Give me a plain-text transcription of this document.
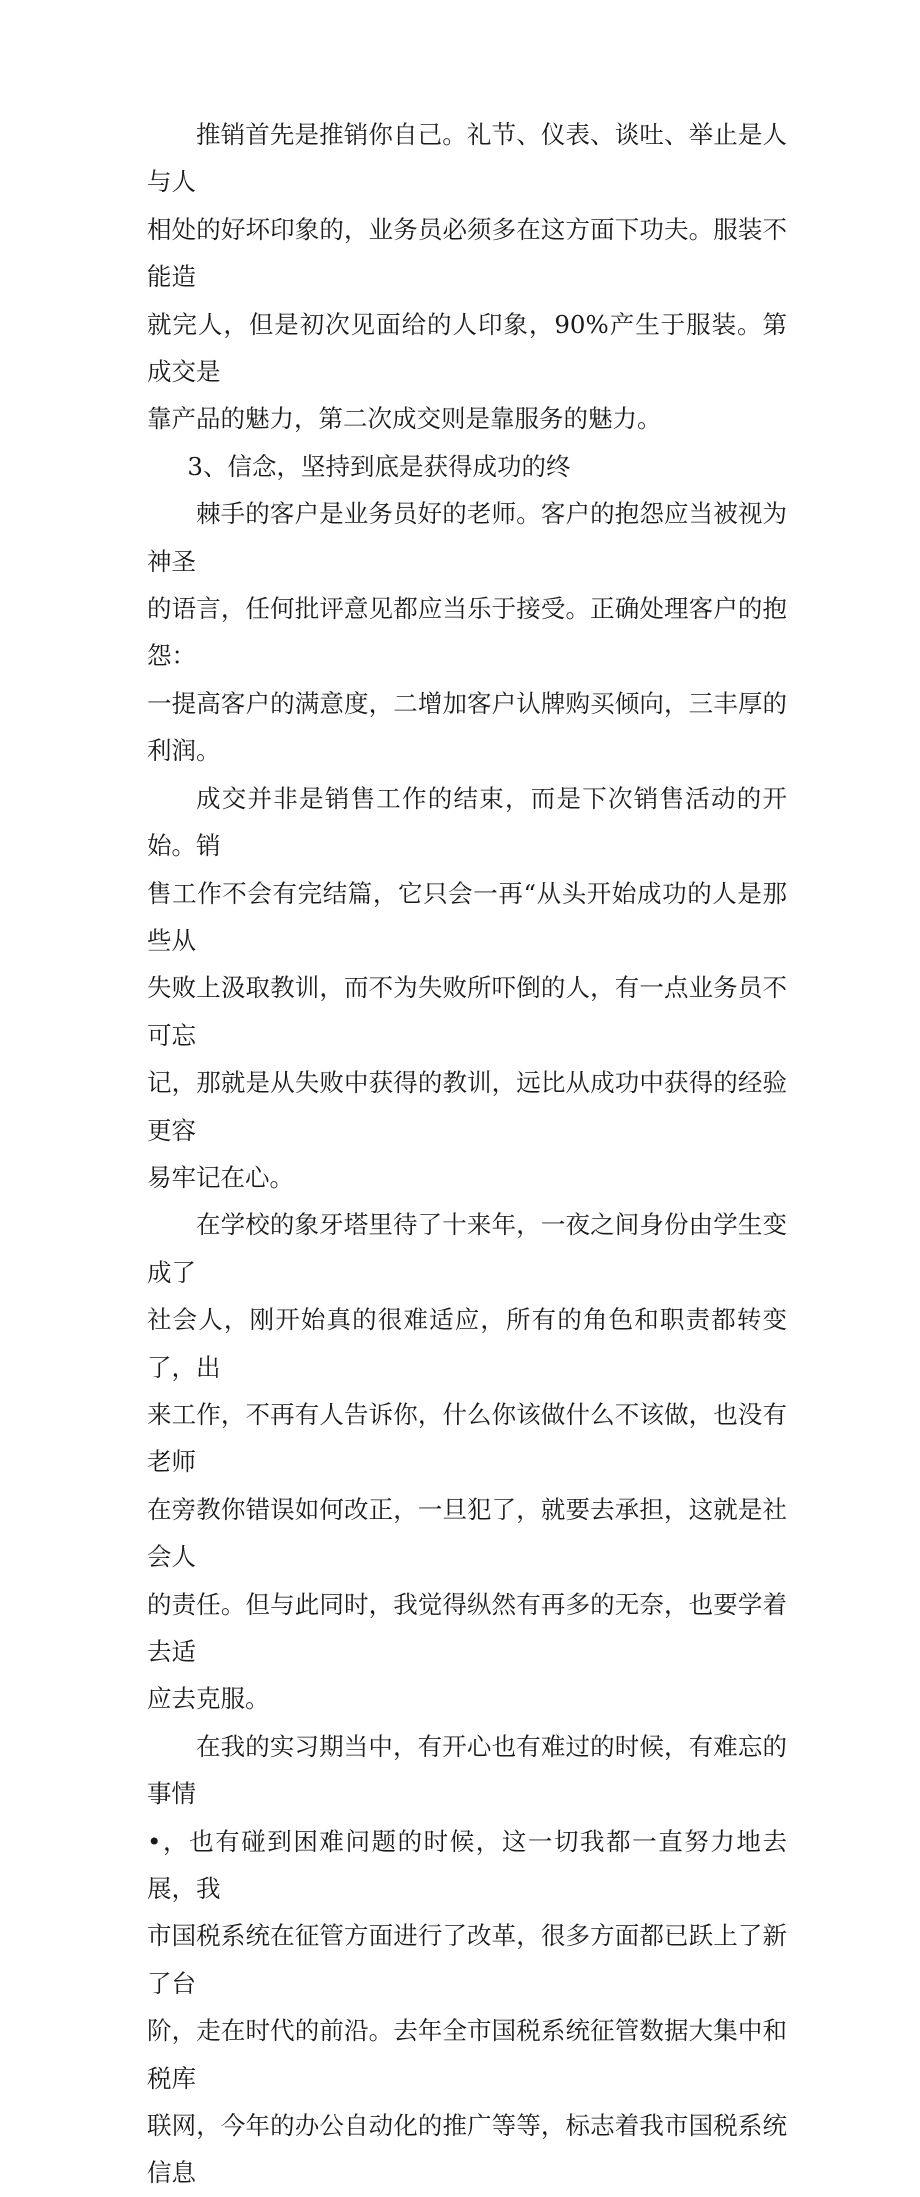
推销首先是推销你自己。礼节、仪表、谈吐、举止是人与人
相处的好坏印象的，业务员必须多在这方面下功夫。服装不能造
就完人，但是初次见面给的人印象，90%产生于服装。第成交是
靠产品的魅力，第二次成交则是靠服务的魅力。

3、信念，坚持到底是获得成功的终

棘手的客户是业务员好的老师。客户的抱怨应当被视为神圣
的语言，任何批评意见都应当乐于接受。正确处理客户的抱怨：
一提高客户的满意度，二增加客户认牌购买倾向，三丰厚的利润。

成交并非是销售工作的结束，而是下次销售活动的开始。销
售工作不会有完结篇，它只会一再“从头开始成功的人是那些从
失败上汲取教训，而不为失败所吓倒的人，有一点业务员不可忘
记，那就是从失败中获得的教训，远比从成功中获得的经验更容
易牢记在心。

在学校的象牙塔里待了十来年，一夜之间身份由学生变成了
社会人，刚开始真的很难适应，所有的角色和职责都转变了，出
来工作，不再有人告诉你，什么你该做什么不该做，也没有老师
在旁教你错误如何改正，一旦犯了，就要去承担，这就是社会人
的责任。但与此同时，我觉得纵然有再多的无奈，也要学着去适
应去克服。

在我的实习期当中，有开心也有难过的时候，有难忘的事情
•，也有碰到困难问题的时候，这一切我都一直努力地去展，我
市国税系统在征管方面进行了改革，很多方面都已跃上了新了台
阶，走在时代的前沿。去年全市国税系统征管数据大集中和税库
联网，今年的办公自动化的推广等等，标志着我市国税系统信息
